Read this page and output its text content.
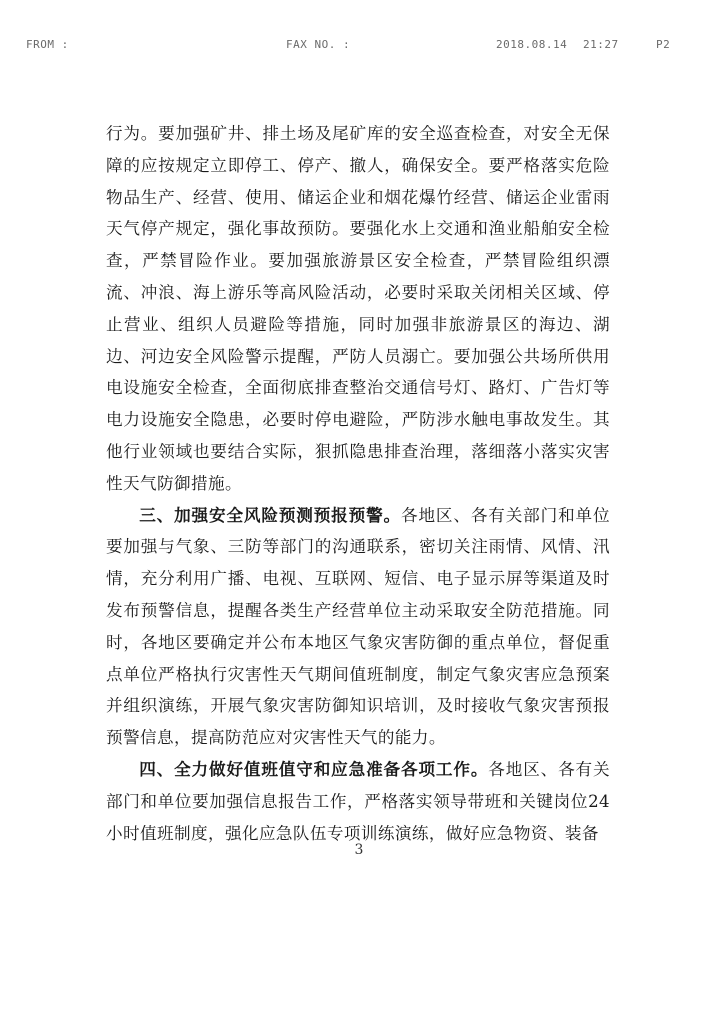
FROM :	FAX NO. :	2018.08.14 21:27	P2

行为。要加强矿井、排土场及尾矿库的安全巡查检查，对安全无保障的应按规定立即停工、停产、撤人，确保安全。要严格落实危险物品生产、经营、使用、储运企业和烟花爆竹经营、储运企业雷雨天气停产规定，强化事故预防。要强化水上交通和渔业船舶安全检查，严禁冒险作业。要加强旅游景区安全检查，严禁冒险组织漂流、冲浪、海上游乐等高风险活动，必要时采取关闭相关区域、停止营业、组织人员避险等措施，同时加强非旅游景区的海边、湖边、河边安全风险警示提醒，严防人员溺亡。要加强公共场所供用电设施安全检查，全面彻底排查整治交通信号灯、路灯、广告灯等电力设施安全隐患，必要时停电避险，严防涉水触电事故发生。其他行业领域也要结合实际，狠抓隐患排查治理，落细落小落实灾害性天气防御措施。

三、加强安全风险预测预报预警。各地区、各有关部门和单位要加强与气象、三防等部门的沟通联系，密切关注雨情、风情、汛情，充分利用广播、电视、互联网、短信、电子显示屏等渠道及时发布预警信息，提醒各类生产经营单位主动采取安全防范措施。同时，各地区要确定并公布本地区气象灾害防御的重点单位，督促重点单位严格执行灾害性天气期间值班制度，制定气象灾害应急预案并组织演练，开展气象灾害防御知识培训，及时接收气象灾害预报预警信息，提高防范应对灾害性天气的能力。

四、全力做好值班值守和应急准备各项工作。各地区、各有关部门和单位要加强信息报告工作，严格落实领导带班和关键岗位24小时值班制度，强化应急队伍专项训练演练，做好应急物资、装备

3
